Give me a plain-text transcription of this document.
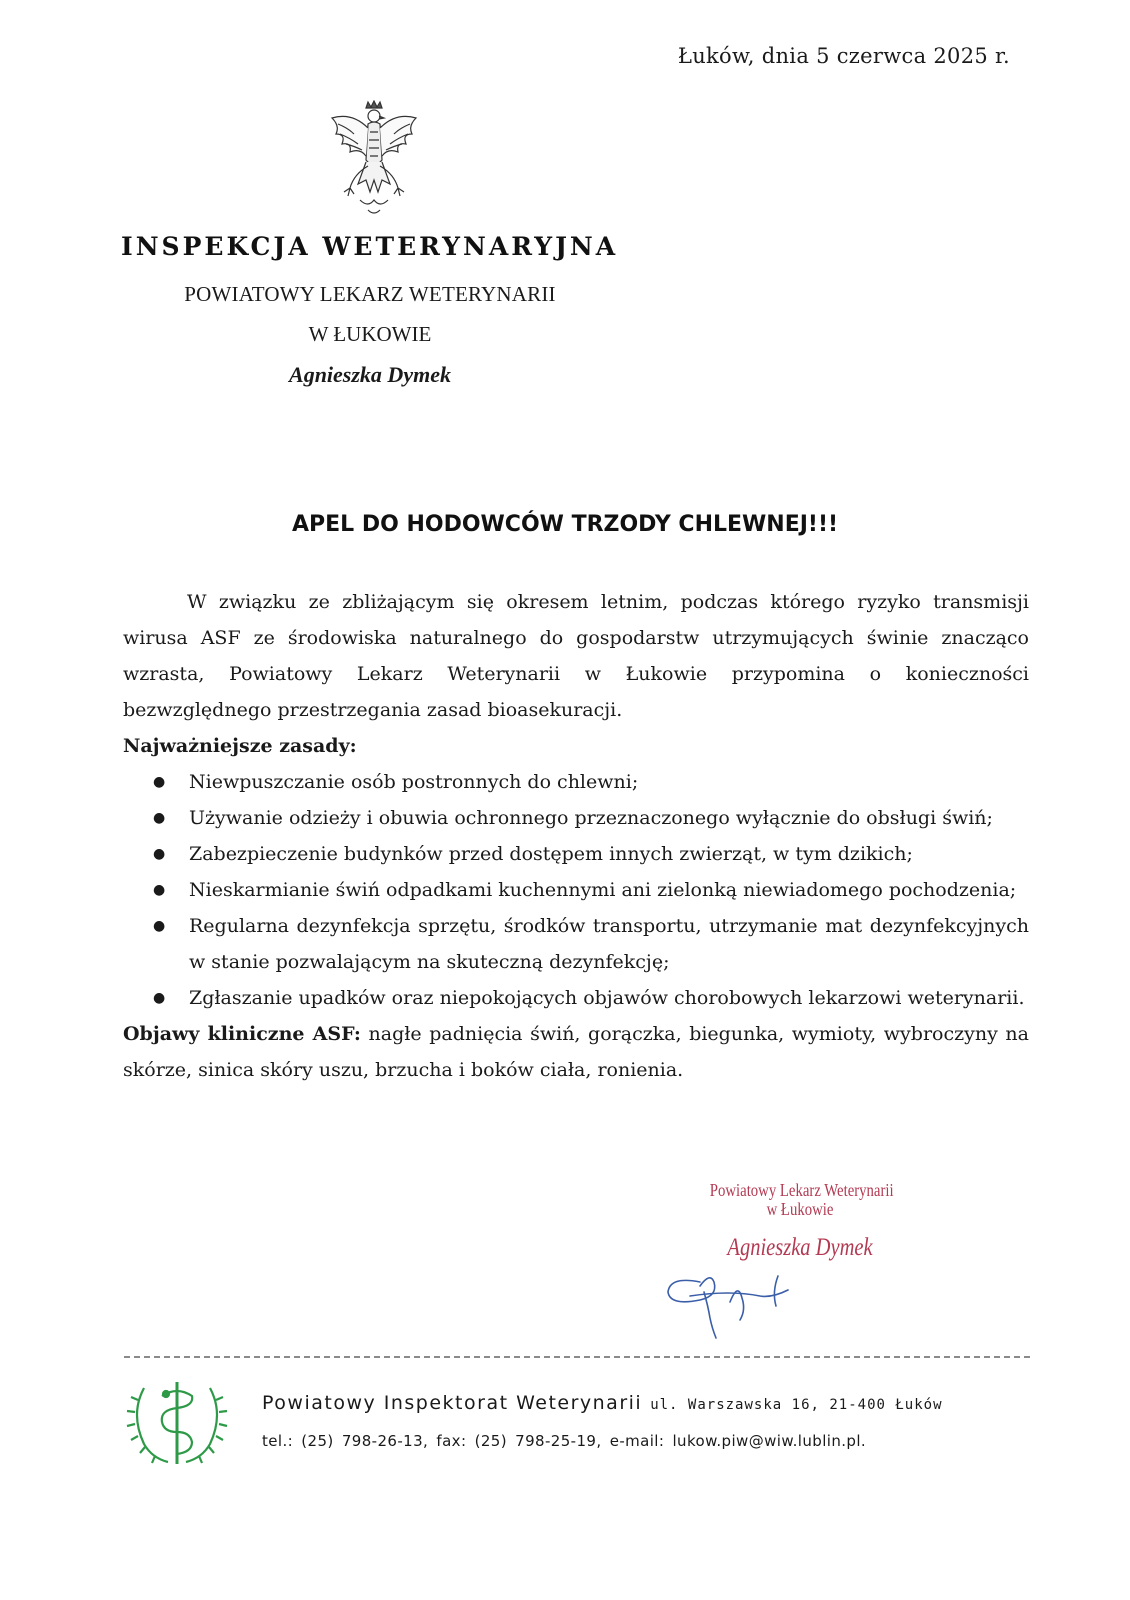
Łuków, dnia 5 czerwca 2025 r.
INSPEKCJA WETERYNARYJNA
POWIATOWY LEKARZ WETERYNARII
W ŁUKOWIE
Agnieszka Dymek
APEL DO HODOWCÓW TRZODY CHLEWNEJ!!!

W związku ze zbliżającym się okresem letnim, podczas którego ryzyko transmisji wirusa ASF ze środowiska naturalnego do gospodarstw utrzymujących świnie znacząco wzrasta, Powiatowy Lekarz Weterynarii w Łukowie przypomina o konieczności bezwzględnego przestrzegania zasad bioasekuracji.

Najważniejsze zasady:

● Niewpuszczanie osób postronnych do chlewni;
● Używanie odzieży i obuwia ochronnego przeznaczonego wyłącznie do obsługi świń;
● Zabezpieczenie budynków przed dostępem innych zwierząt, w tym dzikich;
● Nieskarmianie świń odpadkami kuchennymi ani zielonką niewiadomego pochodzenia;
● Regularna dezynfekcja sprzętu, środków transportu, utrzymanie mat dezynfekcyjnych w stanie pozwalającym na skuteczną dezynfekcję;
● Zgłaszanie upadków oraz niepokojących objawów chorobowych lekarzowi weterynarii.

Objawy kliniczne ASF: nagłe padnięcia świń, gorączka, biegunka, wymioty, wybroczyny na skórze, sinica skóry uszu, brzucha i boków ciała, ronienia.

Powiatowy Lekarz Weterynarii
w Łukowie
Agnieszka Dymek
Powiatowy Inspektorat Weterynarii ul. Warszawska 16, 21-400 Łuków
tel.: (25) 798-26-13, fax: (25) 798-25-19, e-mail: lukow.piw@wiw.lublin.pl.
